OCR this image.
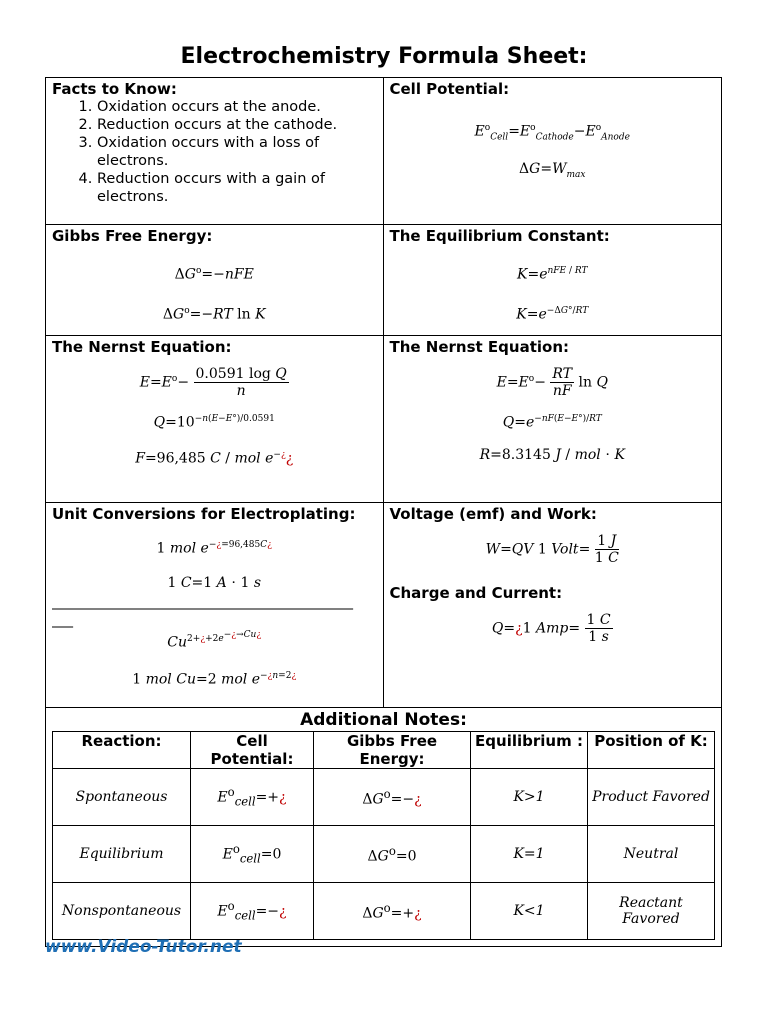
Electrochemistry Formula Sheet:
Facts to Know:
1. Oxidation occurs at the anode.
2. Reduction occurs at the cathode.
3. Oxidation occurs with a loss of electrons.
4. Reduction occurs with a gain of electrons.
Cell Potential:
$E^o_{Cell}=E^o_{Cathode}-E^o_{Anode}$
$\Delta G=W_{max}$
Gibbs Free Energy:
$\Delta G^o=-nFE$
$\Delta G^o=-RT$ ln K
The Equilibrium Constant:
$K=e^{nFE / RT}$
$K=e^{-\Delta G^\circ/RT}$
The Nernst Equation:
$E=E^o- \frac{\text{0.0591 log Q}}{n}$
$Q=10^{-n(E-E^\circ)/0.0591}$
F=96,485 C / mol e−¿¿
The Nernst Equation:
$E=E^o- \frac{RT}{nF}$ ln Q
$Q=e^{-nF(E-E^\circ)/RT}$
R=8.3145 J / mol ⋅ K
Unit Conversions for Electroplating:
1 mol $e^{-¿=96,485C¿}$
1 C=1 A ⋅ 1 s
___________________________________________
___
$Cu^{2+¿+2e^{-¿\to Cu¿}}$
1 mol Cu=2 mol $e^{-¿n=2¿}$
Voltage (emf) and Work:
W=QV 1 Volt= $\frac{1 J}{1 C}$
Charge and Current:
Q=¿1 $Amp= \frac{1 C}{1 s}$
Additional Notes:
Reaction:	Cell Potential:	Gibbs Free Energy:	Equilibrium :	Position of K:
Spontaneous	$E^o_{cell}=+¿$	$\Delta G^o=-¿$	K>1	Product Favored
Equilibrium	$E^o_{cell}=0$	$\Delta G^o=0$	K=1	Neutral
Nonspontaneous	$E^o_{cell}=-¿$	$\Delta G^o=+¿$	K<1	Reactant Favored
www.Video-Tutor.net
